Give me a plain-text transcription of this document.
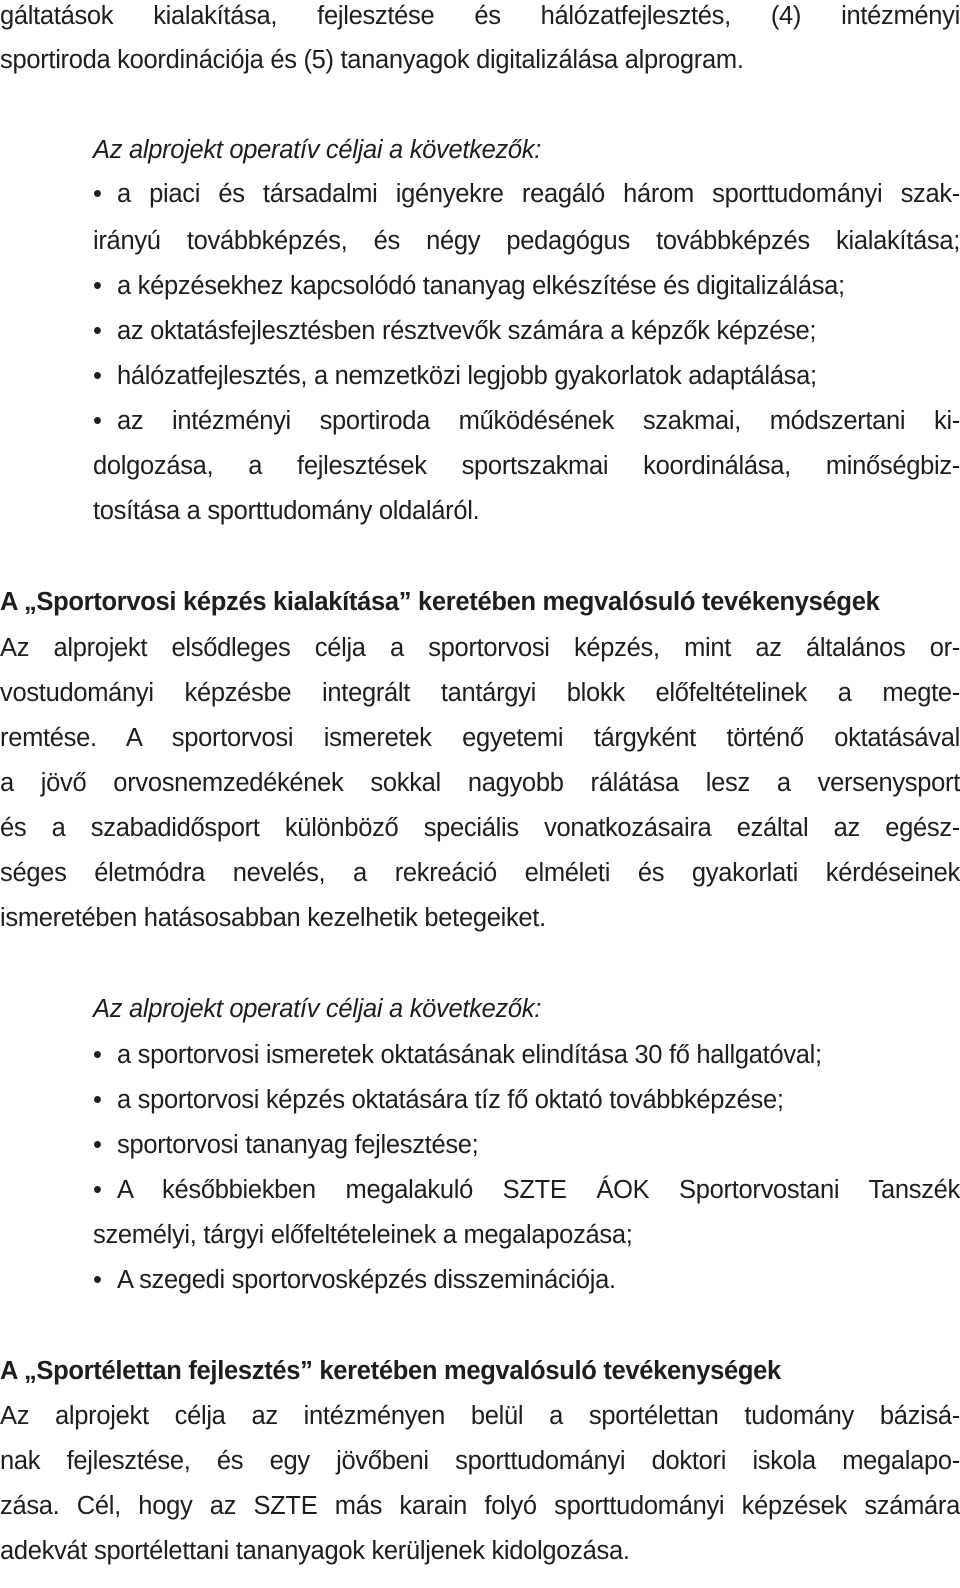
gáltatások kialakítása, fejlesztése és hálózatfejlesztés, (4) intézményi
sportiroda koordinációja és (5) tananyagok digitalizálása alprogram.
Az alprojekt operatív céljai a következők:
• a piaci és társadalmi igényekre reagáló három sporttudományi szak-
irányú továbbképzés, és négy pedagógus továbbképzés kialakítása;
• a képzésekhez kapcsolódó tananyag elkészítése és digitalizálása;
• az oktatásfejlesztésben résztvevők számára a képzők képzése;
• hálózatfejlesztés, a nemzetközi legjobb gyakorlatok adaptálása;
• az intézményi sportiroda működésének szakmai, módszertani ki-
dolgozása, a fejlesztések sportszakmai koordinálása, minőségbiz-
tosítása a sporttudomány oldaláról.
A „Sportorvosi képzés kialakítása” keretében megvalósuló tevékenységek
Az alprojekt elsődleges célja a sportorvosi képzés, mint az általános or-
vostudományi képzésbe integrált tantárgyi blokk előfeltételinek a megte-
remtése. A sportorvosi ismeretek egyetemi tárgyként történő oktatásával
a jövő orvosnemzedékének sokkal nagyobb rálátása lesz a versenysport
és a szabadidősport különböző speciális vonatkozásaira ezáltal az egész-
séges életmódra nevelés, a rekreáció elméleti és gyakorlati kérdéseinek
ismeretében hatásosabban kezelhetik betegeiket.
Az alprojekt operatív céljai a következők:
• a sportorvosi ismeretek oktatásának elindítása 30 fő hallgatóval;
• a sportorvosi képzés oktatására tíz fő oktató továbbképzése;
• sportorvosi tananyag fejlesztése;
• A későbbiekben megalakuló SZTE ÁOK Sportorvostani Tanszék
személyi, tárgyi előfeltételeinek a megalapozása;
• A szegedi sportorvosképzés disszeminációja.
A „Sportélettan fejlesztés” keretében megvalósuló tevékenységek
Az alprojekt célja az intézményen belül a sportélettan tudomány bázisá-
nak fejlesztése, és egy jövőbeni sporttudományi doktori iskola megalapo-
zása. Cél, hogy az SZTE más karain folyó sporttudományi képzések számára
adekvát sportélettani tananyagok kerüljenek kidolgozása.
